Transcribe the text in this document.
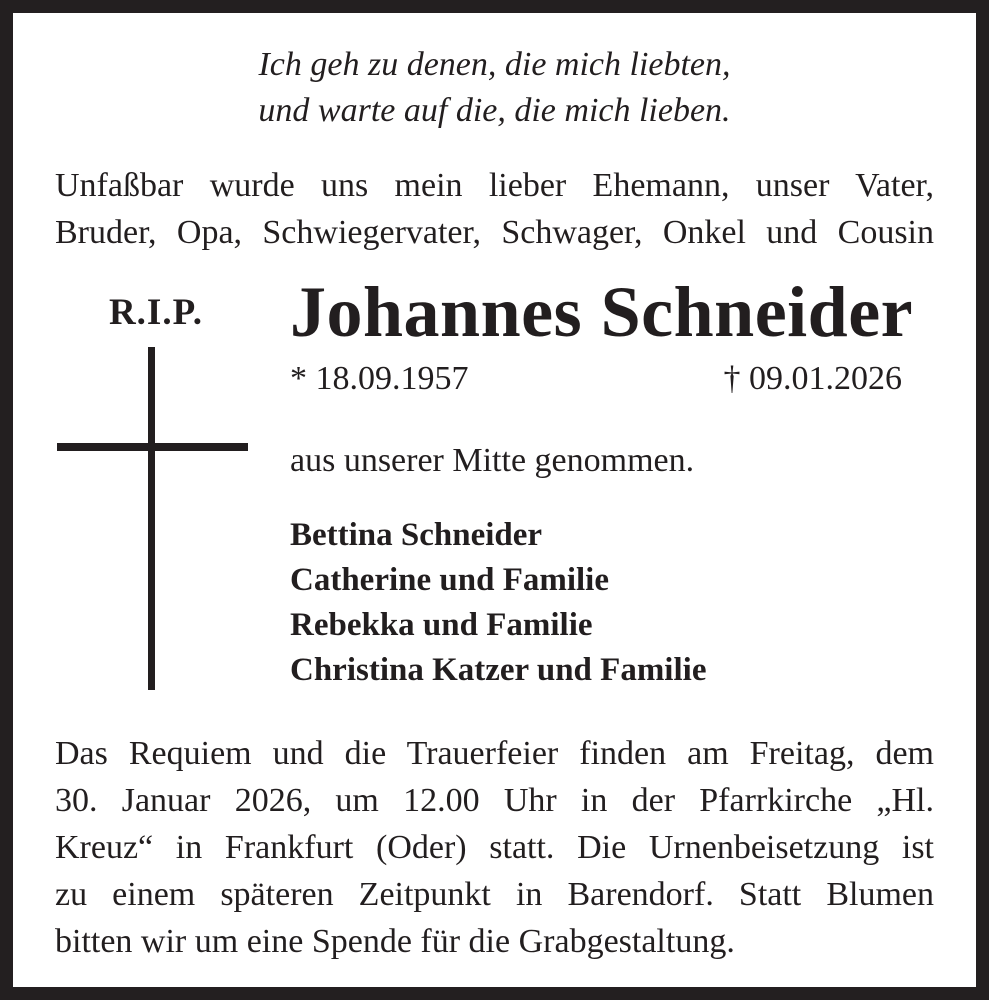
Ich geh zu denen, die mich liebten,
und warte auf die, die mich lieben.
Unfaßbar wurde uns mein lieber Ehemann, unser Vater,
Bruder, Opa, Schwiegervater, Schwager, Onkel und Cousin
R.I.P.	Johannes Schneider
* 18.09.1957	† 09.01.2026
aus unserer Mitte genommen.
Bettina Schneider
Catherine und Familie
Rebekka und Familie
Christina Katzer und Familie
Das Requiem und die Trauerfeier finden am Freitag, dem
30. Januar 2026, um 12.00 Uhr in der Pfarrkirche „Hl.
Kreuz“ in Frankfurt (Oder) statt. Die Urnenbeisetzung ist
zu einem späteren Zeitpunkt in Barendorf. Statt Blumen
bitten wir um eine Spende für die Grabgestaltung.
